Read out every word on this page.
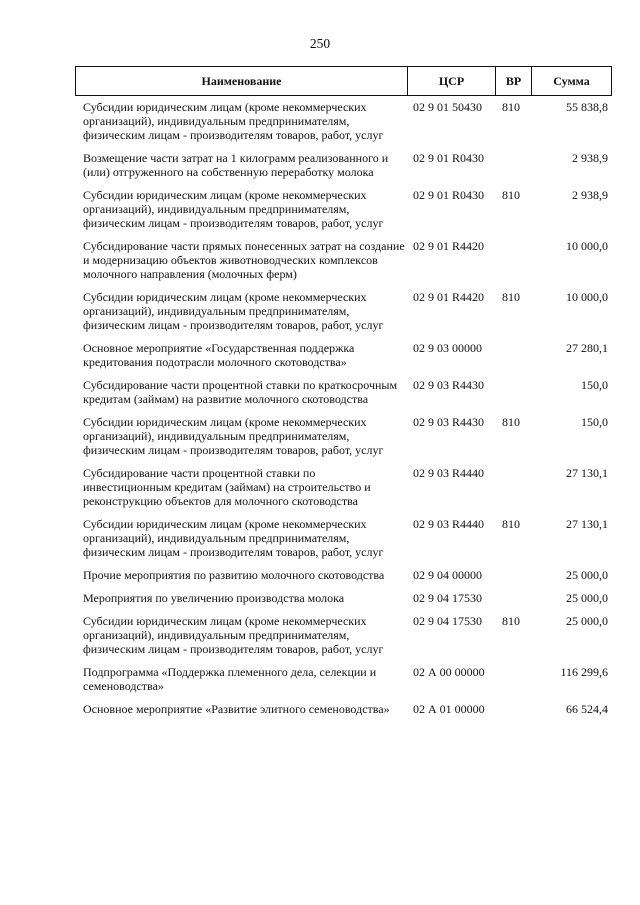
250
Наименование	ЦСР	ВР	Сумма
Субсидии юридическим лицам (кроме некоммерческих организаций), индивидуальным предпринимателям, физическим лицам - производителям товаров, работ, услуг
02 9 01 50430	810	55 838,8
Возмещение части затрат на 1 килограмм реализованного и (или) отгруженного на собственную переработку молока
02 9 01 R0430	2 938,9
Субсидии юридическим лицам (кроме некоммерческих организаций), индивидуальным предпринимателям, физическим лицам - производителям товаров, работ, услуг
02 9 01 R0430	810	2 938,9
Субсидирование части прямых понесенных затрат на создание и модернизацию объектов животноводческих комплексов молочного направления (молочных ферм)
02 9 01 R4420	10 000,0
Субсидии юридическим лицам (кроме некоммерческих организаций), индивидуальным предпринимателям, физическим лицам - производителям товаров, работ, услуг
02 9 01 R4420	810	10 000,0
Основное мероприятие «Государственная поддержка кредитования подотрасли молочного скотоводства»
02 9 03 00000	27 280,1
Субсидирование части процентной ставки по краткосрочным кредитам (займам) на развитие молочного скотоводства
02 9 03 R4430	150,0
Субсидии юридическим лицам (кроме некоммерческих организаций), индивидуальным предпринимателям, физическим лицам - производителям товаров, работ, услуг
02 9 03 R4430	810	150,0
Субсидирование части процентной ставки по инвестиционным кредитам (займам) на строительство и реконструкцию объектов для молочного скотоводства
02 9 03 R4440	27 130,1
Субсидии юридическим лицам (кроме некоммерческих организаций), индивидуальным предпринимателям, физическим лицам - производителям товаров, работ, услуг
02 9 03 R4440	810	27 130,1
Прочие мероприятия по развитию молочного скотоводства	02 9 04 00000	25 000,0
Мероприятия по увеличению производства молока	02 9 04 17530	25 000,0
Субсидии юридическим лицам (кроме некоммерческих организаций), индивидуальным предпринимателям, физическим лицам - производителям товаров, работ, услуг
02 9 04 17530	810	25 000,0
Подпрограмма «Поддержка племенного дела, селекции и семеноводства»
02 А 00 00000	116 299,6
Основное мероприятие «Развитие элитного семеноводства»	02 А 01 00000	66 524,4
